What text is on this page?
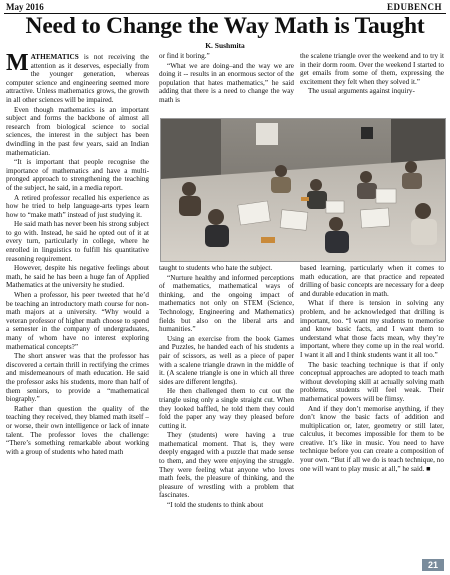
May 2016	EDUBENCH
Need to Change the Way Math is Taught
K. Sushmita

MATHEMATICS is not receiving the attention as it deserves, especially from the younger generation, whereas computer science and engineering seemed more attractive. Unless mathematics grows, the growth in all other sciences will be impaired.

Even though mathematics is an important subject and forms the backbone of almost all research from biological science to social sciences, the interest in the subject has been dwindling in the past few years, said an Indian mathematician.

“It is important that people recognise the importance of mathematics and have a multi-pronged approach to strengthening the teaching of the subject, he said, in a media report.

A retired professor recalled his experience as how he tried to help language-arts types learn how to “make math” instead of just studying it.

He said math has never been his strong subject to go with. Instead, he said he opted out of it at every turn, particularly in college, where he enrolled in linguistics to fulfill his quantitative reasoning requirement.

However, despite his negative feelings about math, he said he has been a huge fan of Applied Mathematics at the university he studied.

When a professor, his peer tweeted that he’d be teaching an introductory math course for non-math majors at a university. “Why would a veteran professor of higher math choose to spend a semester in the company of undergraduates, many of whom have no interest exploring mathematical concepts?”

The short answer was that the professor has discovered a certain thrill in rectifying the crimes and misdemeanours of math education. He said the professor asks his students, more than half of them seniors, to provide a “mathematical biography.”

Rather than question the quality of the teaching they received, they blamed math itself – or worse, their own intelligence or lack of innate talent. The professor loves the challenge: “There’s something remarkable about working with a group of students who hated math

or find it boring.”

“What we are doing–and the way we are doing it -- results in an enormous sector of the population that hates mathematics,” he said adding that there is a need to change the way math is

the scalene triangle over the weekend and to try it in their dorm room. Over the weekend I started to get emails from some of them, expressing the excitement they felt when they solved it.”

The usual arguments against inquiry-

taught to students who hate the subject.

“Nurture healthy and informed perceptions of mathematics, mathematical ways of thinking, and the ongoing impact of mathematics not only on STEM (Science, Technology, Engineering and Mathematics) fields but also on the liberal arts and humanities.”

Using an exercise from the book Games and Puzzles, he handed each of his students a pair of scissors, as well as a piece of paper with a scalene triangle drawn in the middle of it. (A scalene triangle is one in which all three sides are different lengths).

He then challenged them to cut out the triangle using only a single straight cut. When they looked baffled, he told them they could fold the paper any way they pleased before cutting it.

They (students) were having a true mathematical moment. That is, they were deeply engaged with a puzzle that made sense to them, and they were enjoying the struggle. They were feeling what anyone who loves math feels, the pleasure of thinking, and the pleasure of wrestling with a problem that fascinates.

“I told the students to think about

based learning, particularly when it comes to math education, are that practice and repeated drilling of basic concepts are necessary for a deep and durable education in math.

What if there is tension in solving any problem, and he acknowledged that drilling is important, too. “I want my students to memorise and know basic facts, and I want them to understand what those facts mean, why they’re important, where they come up in the real world. I want it all and I think students want it all too.”

The basic teaching technique is that if only conceptual approaches are adopted to teach math without developing skill at actually solving math problems, students will feel weak. Their mathematical powers will be flimsy.

And if they don’t memorise anything, if they don’t know the basic facts of addition and multiplication or, later, geometry or still later, calculus, it becomes impossible for them to be creative. It’s like in music. You need to have technique before you can create a composition of your own. “But if all we do is teach technique, no one will want to play music at all,” he said. ■

21
